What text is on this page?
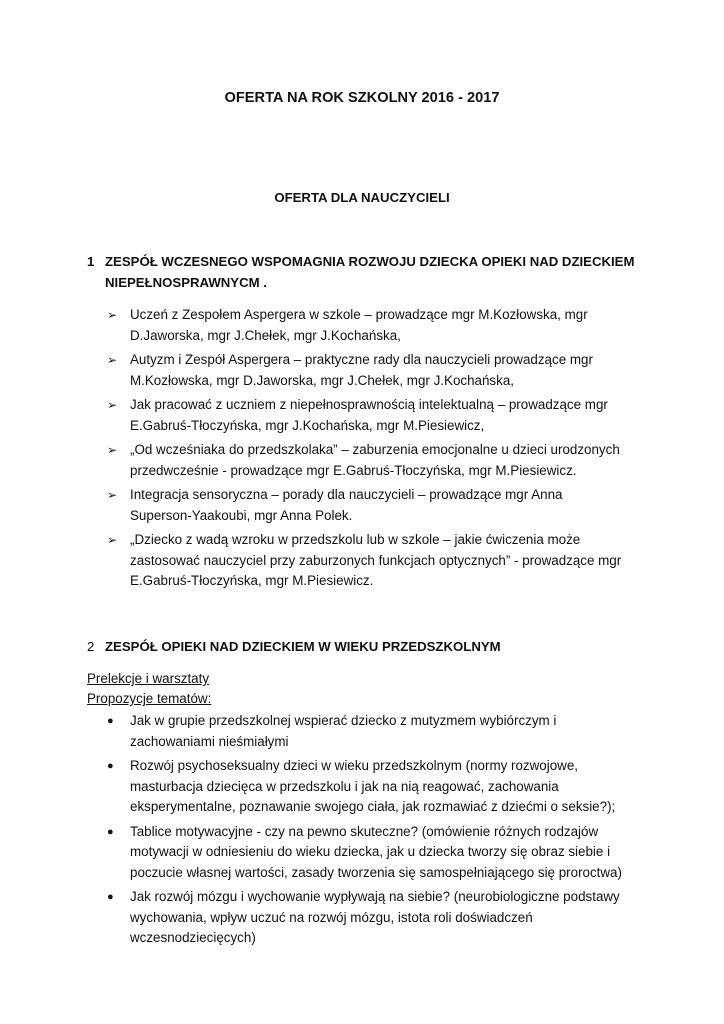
OFERTA NA ROK SZKOLNY 2016 - 2017
OFERTA DLA NAUCZYCIELI
1 ZESPÓŁ WCZESNEGO WSPOMAGNIA ROZWOJU DZIECKA OPIEKI NAD DZIECKIEM
NIEPEŁNOSPRAWNYCM .
➢ Uczeń z Zespołem Aspergera w szkole – prowadzące mgr M.Kozłowska, mgr D.Jaworska, mgr J.Chełek, mgr J.Kochańska,
➢ Autyzm i Zespół Aspergera – praktyczne rady dla nauczycieli prowadzące mgr M.Kozłowska, mgr D.Jaworska, mgr J.Chełek, mgr J.Kochańska,
➢ Jak pracować z uczniem z niepełnosprawnością intelektualną – prowadzące mgr E.Gabruś-Tłoczyńska, mgr J.Kochańska, mgr M.Piesiewicz,
➢ „Od wcześniaka do przedszkolaka” – zaburzenia emocjonalne u dzieci urodzonych przedwcześnie - prowadzące mgr E.Gabruś-Tłoczyńska, mgr M.Piesiewicz.
➢ Integracja sensoryczna – porady dla nauczycieli – prowadzące mgr Anna Superson-Yaakoubi, mgr Anna Polek.
➢ „Dziecko z wadą wzroku w przedszkolu lub w szkole – jakie ćwiczenia może zastosować nauczyciel przy zaburzonych funkcjach optycznych” - prowadzące mgr E.Gabruś-Tłoczyńska, mgr M.Piesiewicz.
2 ZESPÓŁ OPIEKI NAD DZIECKIEM W WIEKU PRZEDSZKOLNYM
Prelekcje i warsztaty
Propozycje tematów:
● Jak w grupie przedszkolnej wspierać dziecko z mutyzmem wybiórczym i zachowaniami nieśmiałymi
● Rozwój psychoseksualny dzieci w wieku przedszkolnym (normy rozwojowe, masturbacja dziecięca w przedszkolu i jak na nią reagować, zachowania eksperymentalne, poznawanie swojego ciała, jak rozmawiać z dziećmi o seksie?);
● Tablice motywacyjne - czy na pewno skuteczne? (omówienie różnych rodzajów motywacji w odniesieniu do wieku dziecka, jak u dziecka tworzy się obraz siebie i poczucie własnej wartości, zasady tworzenia się samospełniającego się proroctwa)
● Jak rozwój mózgu i wychowanie wypływają na siebie? (neurobiologiczne podstawy wychowania, wpływ uczuć na rozwój mózgu, istota roli doświadczeń wczesnodziecięcych)
